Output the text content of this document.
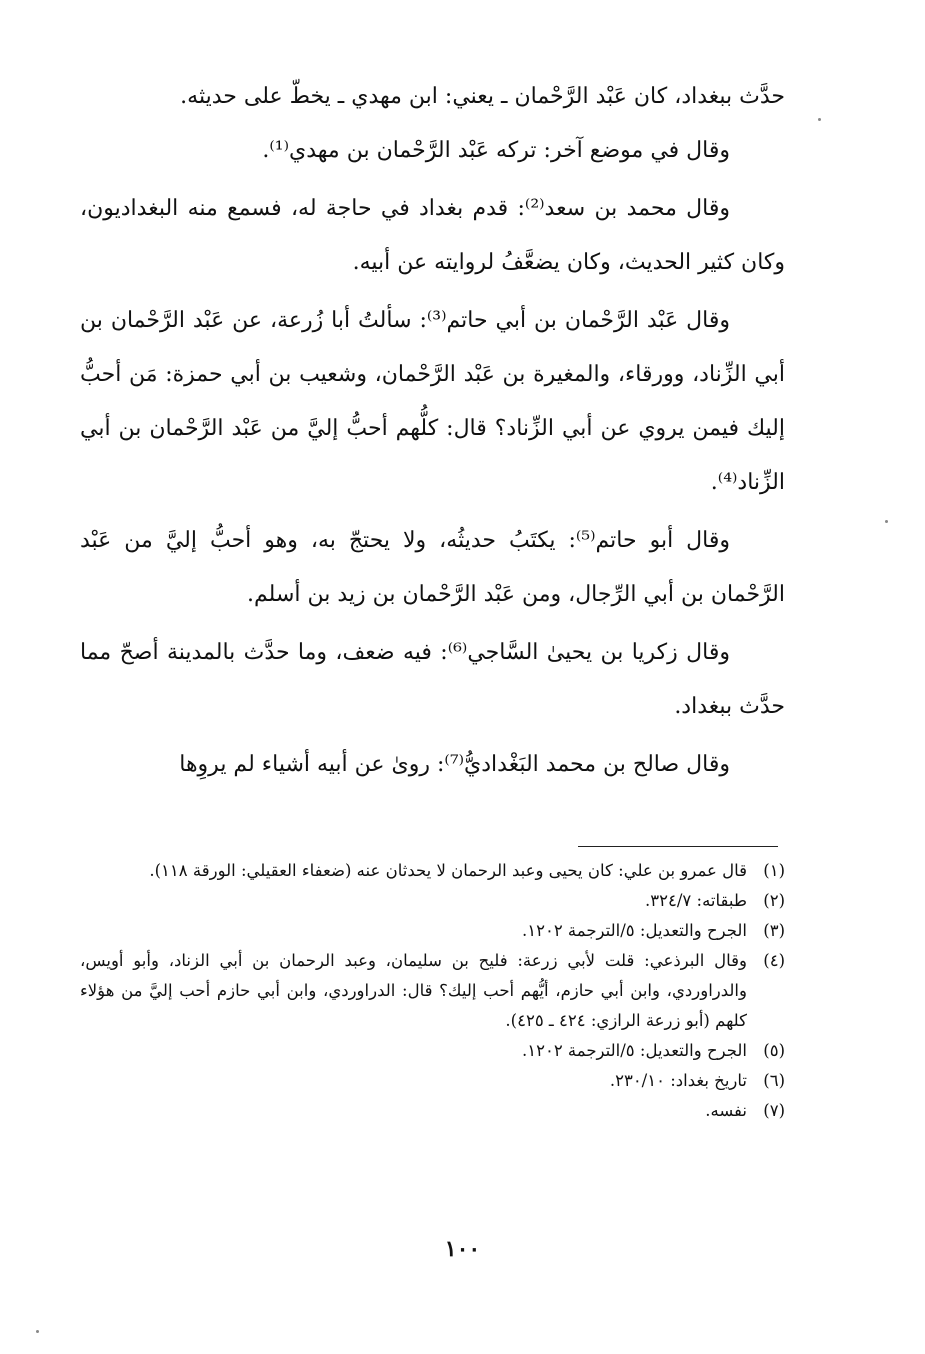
حدَّث ببغداد، كان عَبْد الرَّحْمان ـ يعني: ابن مهدي ـ يخطّ على حديثه.

وقال في موضع آخر: تركه عَبْد الرَّحْمان بن مهدي⁽¹⁾.

وقال محمد بن سعد⁽²⁾: قدم بغداد في حاجة له، فسمع منه البغداديون، وكان كثير الحديث، وكان يضعَّفُ لروايته عن أبيه.

وقال عَبْد الرَّحْمان بن أبي حاتم⁽³⁾: سألتُ أبا زُرعة، عن عَبْد الرَّحْمان بن أبي الزِّناد، وورقاء، والمغيرة بن عَبْد الرَّحْمان، وشعيب بن أبي حمزة: مَن أحبُّ إليك فيمن يروي عن أبي الزِّناد؟ قال: كلُّهم أحبُّ إليَّ من عَبْد الرَّحْمان بن أبي الزِّناد⁽⁴⁾.

وقال أبو حاتم⁽⁵⁾: يكتَبُ حديثُه، ولا يحتجّ به، وهو أحبُّ إليَّ من عَبْد الرَّحْمان بن أبي الرِّجال، ومن عَبْد الرَّحْمان بن زيد بن أسلم.

وقال زكريا بن يحيىٰ السَّاجي⁽⁶⁾: فيه ضعف، وما حدَّث بالمدينة أصحّ مما حدَّث ببغداد.

وقال صالح بن محمد البَغْداديُّ⁽⁷⁾: روىٰ عن أبيه أشياء لم يروِها

(١)
قال عمرو بن علي: كان يحيى وعبد الرحمان لا يحدثان عنه (ضعفاء العقيلي: الورقة ١١٨).
(٢)
طبقاته: ٣٢٤/٧.
(٣)
الجرح والتعديل: ٥/الترجمة ١٢٠٢.
(٤)
وقال البرذعي: قلت لأبي زرعة: فليح بن سليمان، وعبد الرحمان بن أبي الزناد، وأبو أويس، والدراوردي، وابن أبي حازم، أيُّهم أحب إليك؟ قال: الدراوردي، وابن أبي حازم أحب إليَّ من هؤلاء كلهم (أبو زرعة الرازي: ٤٢٤ ـ ٤٢٥).
(٥)
الجرح والتعديل: ٥/الترجمة ١٢٠٢.
(٦)
تاريخ بغداد: ٢٣٠/١٠.
(٧)
نفسه.
١٠٠
